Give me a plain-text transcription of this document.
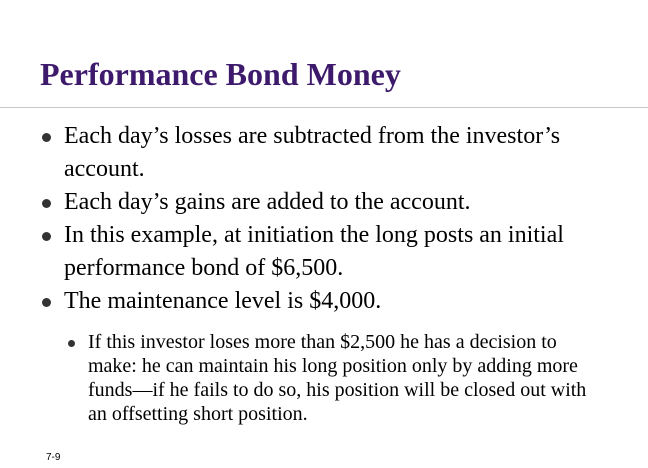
Performance Bond Money
Each day’s losses are subtracted from the investor’s account.
Each day’s gains are added to the account.
In this example, at initiation the long posts an initial performance bond of $6,500.
The maintenance level is $4,000.
If this investor loses more than $2,500 he has a decision to make: he can maintain his long position only by adding more funds—if he fails to do so, his position will be closed out with an offsetting short position.
7-9
